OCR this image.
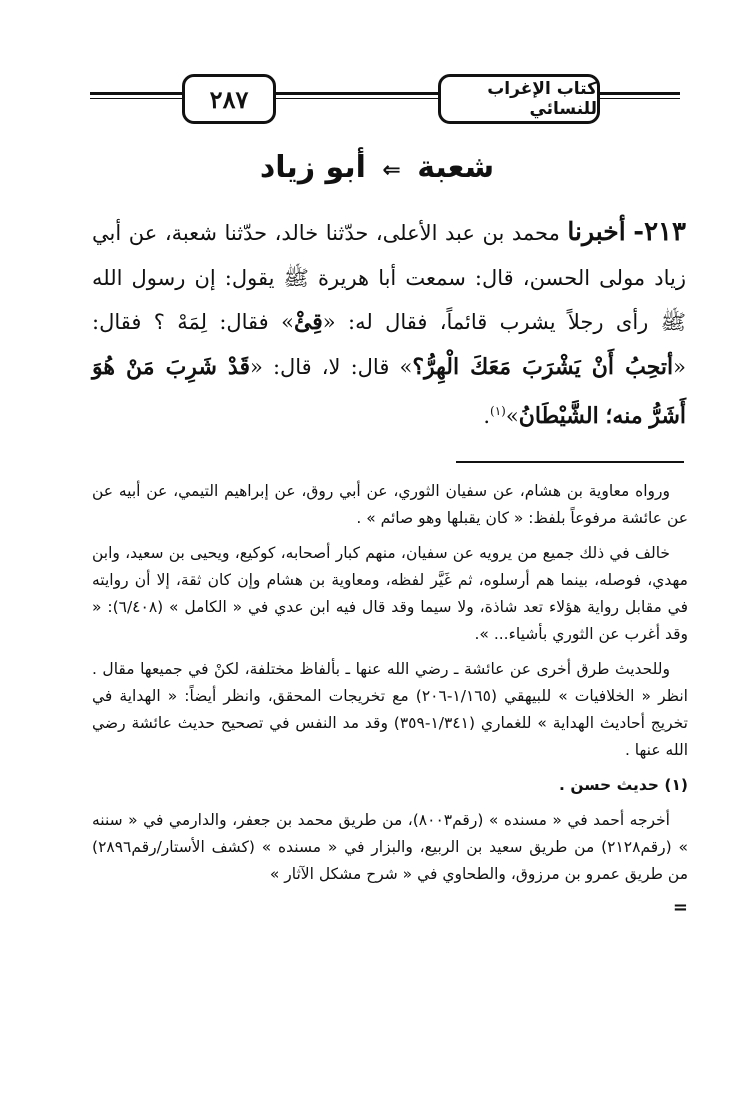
٢٨٧	كتاب الإغراب للنسائي
شعبة ⇐ أبو زياد
٢١٣- أخبرنا محمد بن عبد الأعلى، حدّثنا خالد، حدّثنا شعبة، عن أبي زياد مولى الحسن، قال: سمعت أبا هريرة ﷺ يقول: إن رسول الله ﷺ رأى رجلاً يشرب قائماً، فقال له: «قِئْ» فقال: لِمَهْ ؟ فقال: «أتحِبُ أَنْ يَشْرَبَ مَعَكَ الْهِرُّ؟» قال: لا، قال: «قَدْ شَرِبَ مَنْ هُوَ أَشَرُّ منه؛ الشَّيْطَانُ»$^{(١)}$.

ورواه معاوية بن هشام، عن سفيان الثوري، عن أبي روق، عن إبراهيم التيمي، عن أبيه عن عن عائشة مرفوعاً بلفظ: « كان يقبلها وهو صائم » .

خالف في ذلك جميع من يرويه عن سفيان، منهم كبار أصحابه، كوكيع، ويحيى بن سعيد، وابن مهدي، فوصله، بينما هم أرسلوه، ثم غَيَّر لفظه، ومعاوية بن هشام وإن كان ثقة، إلا أن روايته في مقابل رواية هؤلاء تعد شاذة، ولا سيما وقد قال فيه ابن عدي في « الكامل » (٦/٤٠٨): « وقد أغرب عن الثوري بأشياء... ».

وللحديث طرق أخرى عن عائشة ـ رضي الله عنها ـ بألفاظ مختلفة، لكنْ في جميعها مقال . انظر « الخلافيات » للبيهقي (١/١٦٥-٢٠٦) مع تخريجات المحقق، وانظر أيضاً: « الهداية في تخريج أحاديث الهداية » للغماري (١/٣٤١-٣٥٩) وقد مد النفس في تصحيح حديث عائشة رضي الله عنها .

(١) حديث حسن .

أخرجه أحمد في « مسنده » (رقم٨٠٠٣)، من طريق محمد بن جعفر، والدارمي في « سننه » (رقم٢١٢٨) من طريق سعيد بن الربيع، والبزار في « مسنده » (كشف الأستار/رقم٢٨٩٦) من طريق عمرو بن مرزوق، والطحاوي في « شرح مشكل الآثار »

=
